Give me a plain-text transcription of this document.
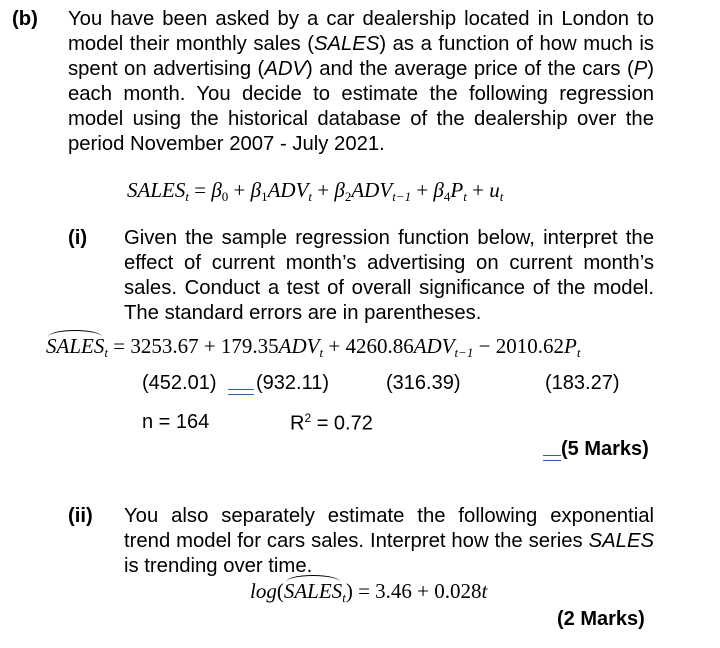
(b) You have been asked by a car dealership located in London to model their monthly sales (SALES) as a function of how much is spent on advertising (ADV) and the average price of the cars (P) each month. You decide to estimate the following regression model using the historical database of the dealership over the period November 2007 - July 2021.
$SALES_t = \beta_0 + \beta_1ADV_t + \beta_2ADV_{t-1} + \beta_4P_t + u_t$
(i) Given the sample regression function below, interpret the effect of current month’s advertising on current month’s sales. Conduct a test of overall significance of the model. The standard errors are in parentheses.
$SALES_t = 3253.67 + 179.35ADV_t + 4260.86ADV_{t-1} - 2010.62P_t$
(452.01)	(932.11)	(316.39)	(183.27)
n = 164	$R^2 = 0.72$
(5 Marks)
(ii) You also separately estimate the following exponential trend model for cars sales. Interpret how the series SALES is trending over time.
$\log(SALES_t) = 3.46 + 0.028t$
(2 Marks)
